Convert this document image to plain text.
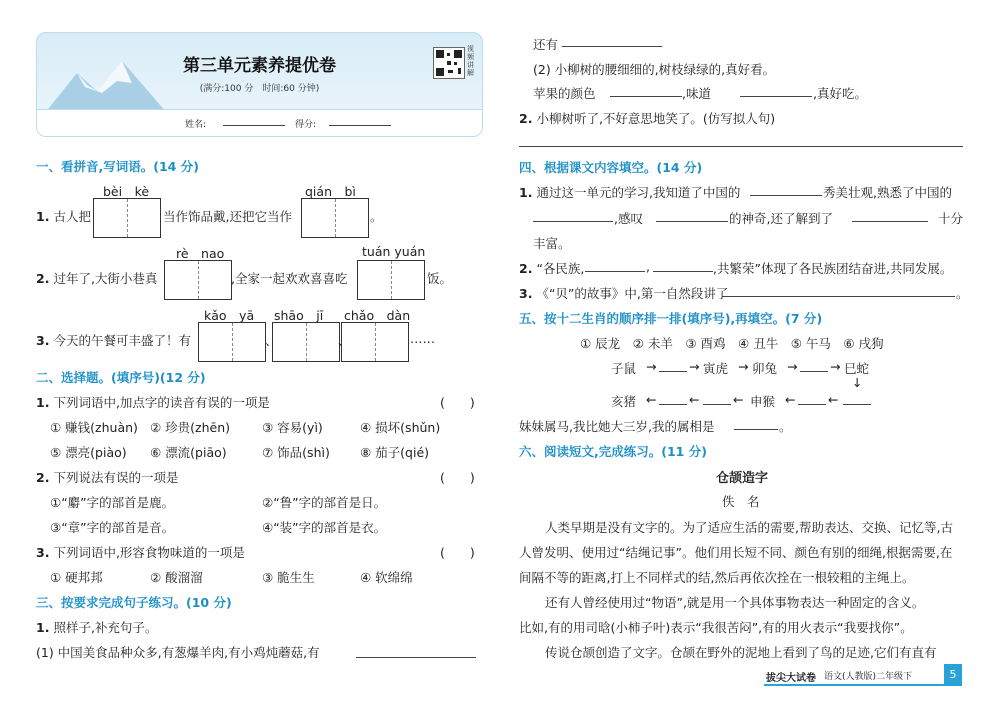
第三单元素养提优卷
(满分:100 分　时间:60 分钟)
视频讲解
姓名:	得分:
一、看拼音,写词语。(14 分)
bèi　kè	qián　bì
1. 古人把	当作饰品戴,还把它当作	。
rè　nao	tuán yuán
2. 过年了,大街小巷真	,全家一起欢欢喜喜吃	饭。
kǎo　yā shāo　jī chǎo　dàn
3. 今天的午餐可丰盛了！有	、	、	……
二、选择题。(填序号)(12 分)
1. 下列词语中,加点字的读音有误的一项是	(　　)
① 赚钱(zhuàn) ② 珍贵(zhēn)	③ 容易(yì)	④ 损坏(shǔn)
⑤ 漂亮(piào) ⑥ 漂流(piāo)	⑦ 饰品(shì) ⑧ 茄子(qié)
2. 下列说法有误的一项是	(　　)
①“麝”字的部首是鹿。	②“鲁”字的部首是日。
③“章”字的部首是音。	④“装”字的部首是衣。
3. 下列词语中,形容食物味道的一项是	(　　)
① 硬邦邦	② 酸溜溜	③ 脆生生	④ 软绵绵
三、按要求完成句子练习。(10 分)
1. 照样子,补充句子。
(1) 中国美食品种众多,有葱爆羊肉,有小鸡炖蘑菇,有
还有
(2) 小柳树的腰细细的,树枝绿绿的,真好看。
苹果的颜色	,味道	,真好吃。
2. 小柳树听了,不好意思地笑了。(仿写拟人句)
四、根据课文内容填空。(14 分)
1. 通过这一单元的学习,我知道了中国的	秀美壮观,熟悉了中国的
,感叹	的神奇,还了解到了	十分
丰富。
2. “各民族,	,	,共繁荣”体现了各民族团结奋进,共同发展。
3. 《“贝”的故事》中,第一自然段讲了	。
五、按十二生肖的顺序排一排(填序号),再填空。(7 分)
① 辰龙　② 未羊　③ 酉鸡　④ 丑牛　⑤ 午马　⑥ 戌狗
子鼠 →	→ 寅虎 → 卯兔 →	→ 巳蛇
↓
亥猪 ←	←	← 申猴 ←	←
妹妹属马,我比她大三岁,我的属相是	。
六、阅读短文,完成练习。(11 分)
仓颉造字
佚　名
人类早期是没有文字的。为了适应生活的需要,帮助表达、交换、记忆等,古
人曾发明、使用过“结绳记事”。他们用长短不同、颜色有别的细绳,根据需要,在
间隔不等的距离,打上不同样式的结,然后再依次拴在一根较粗的主绳上。
还有人曾经使用过“物语”,就是用一个具体事物表达一种固定的含义。
比如,有的用司晗(小柿子叶)表示“我很苦闷”,有的用火表示“我要找你”。
传说仓颉创造了文字。仓颉在野外的泥地上看到了鸟的足迹,它们有直有
拔尖大试卷 语文(人教版)二年级下	5
